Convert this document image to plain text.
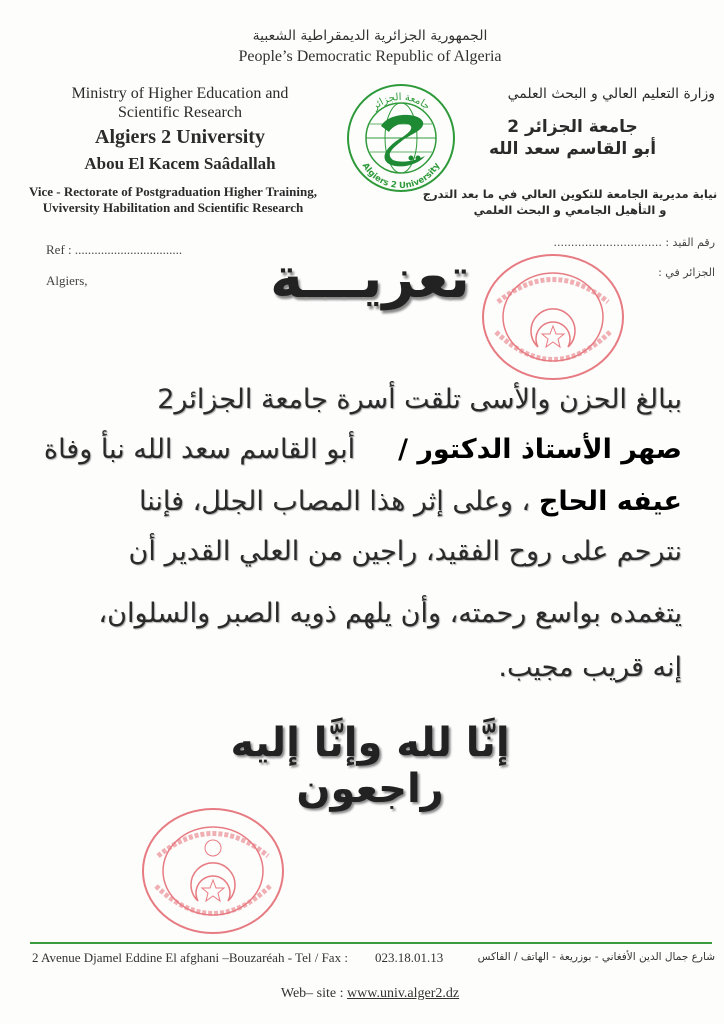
الجمهورية الجزائرية الديمقراطية الشعبية
People’s Democratic Republic of Algeria
Ministry of Higher Education and
Scientific Research
Algiers 2 University
Abou El Kacem Saâdallah
Vice - Rectorate of Postgraduation Higher Training,
Uviversity Habilitation and Scientific Research
جامعة الجزائر
Algiers 2 University
وزارة التعليم العالي و البحث العلمي
جامعة الجزائر 2
أبو القاسم سعد الله
نيابة مديرية الجامعة للتكوين العالي في ما بعد التدرج
و التأهيل الجامعي و البحث العلمي
Ref : .................................
Algiers,
رقم القيد : ...............................
الجزائر في :
تعزيـــة
ببالغ الحزن والأسى تلقت أسرة جامعة الجزائر2
صهر الأستاذ الدكتور /     أبو القاسم سعد الله نبأ وفاة
عيفه الحاج ، وعلى إثر هذا المصاب الجلل، فإننا
نترحم على روح الفقيد، راجين من العلي القدير أن
يتغمده بواسع رحمته، وأن يلهم ذويه الصبر والسلوان،
إنه قريب مجيب.
إنَّا لله وإنَّا إليه راجعون
2 Avenue Djamel Eddine El afghani –Bouzaréah - Tel / Fax : 023.18.01.13	شارع جمال الدين الأفغاني - بوزريعة - الهاتف / الفاكس
Web– site : www.univ.alger2.dz
